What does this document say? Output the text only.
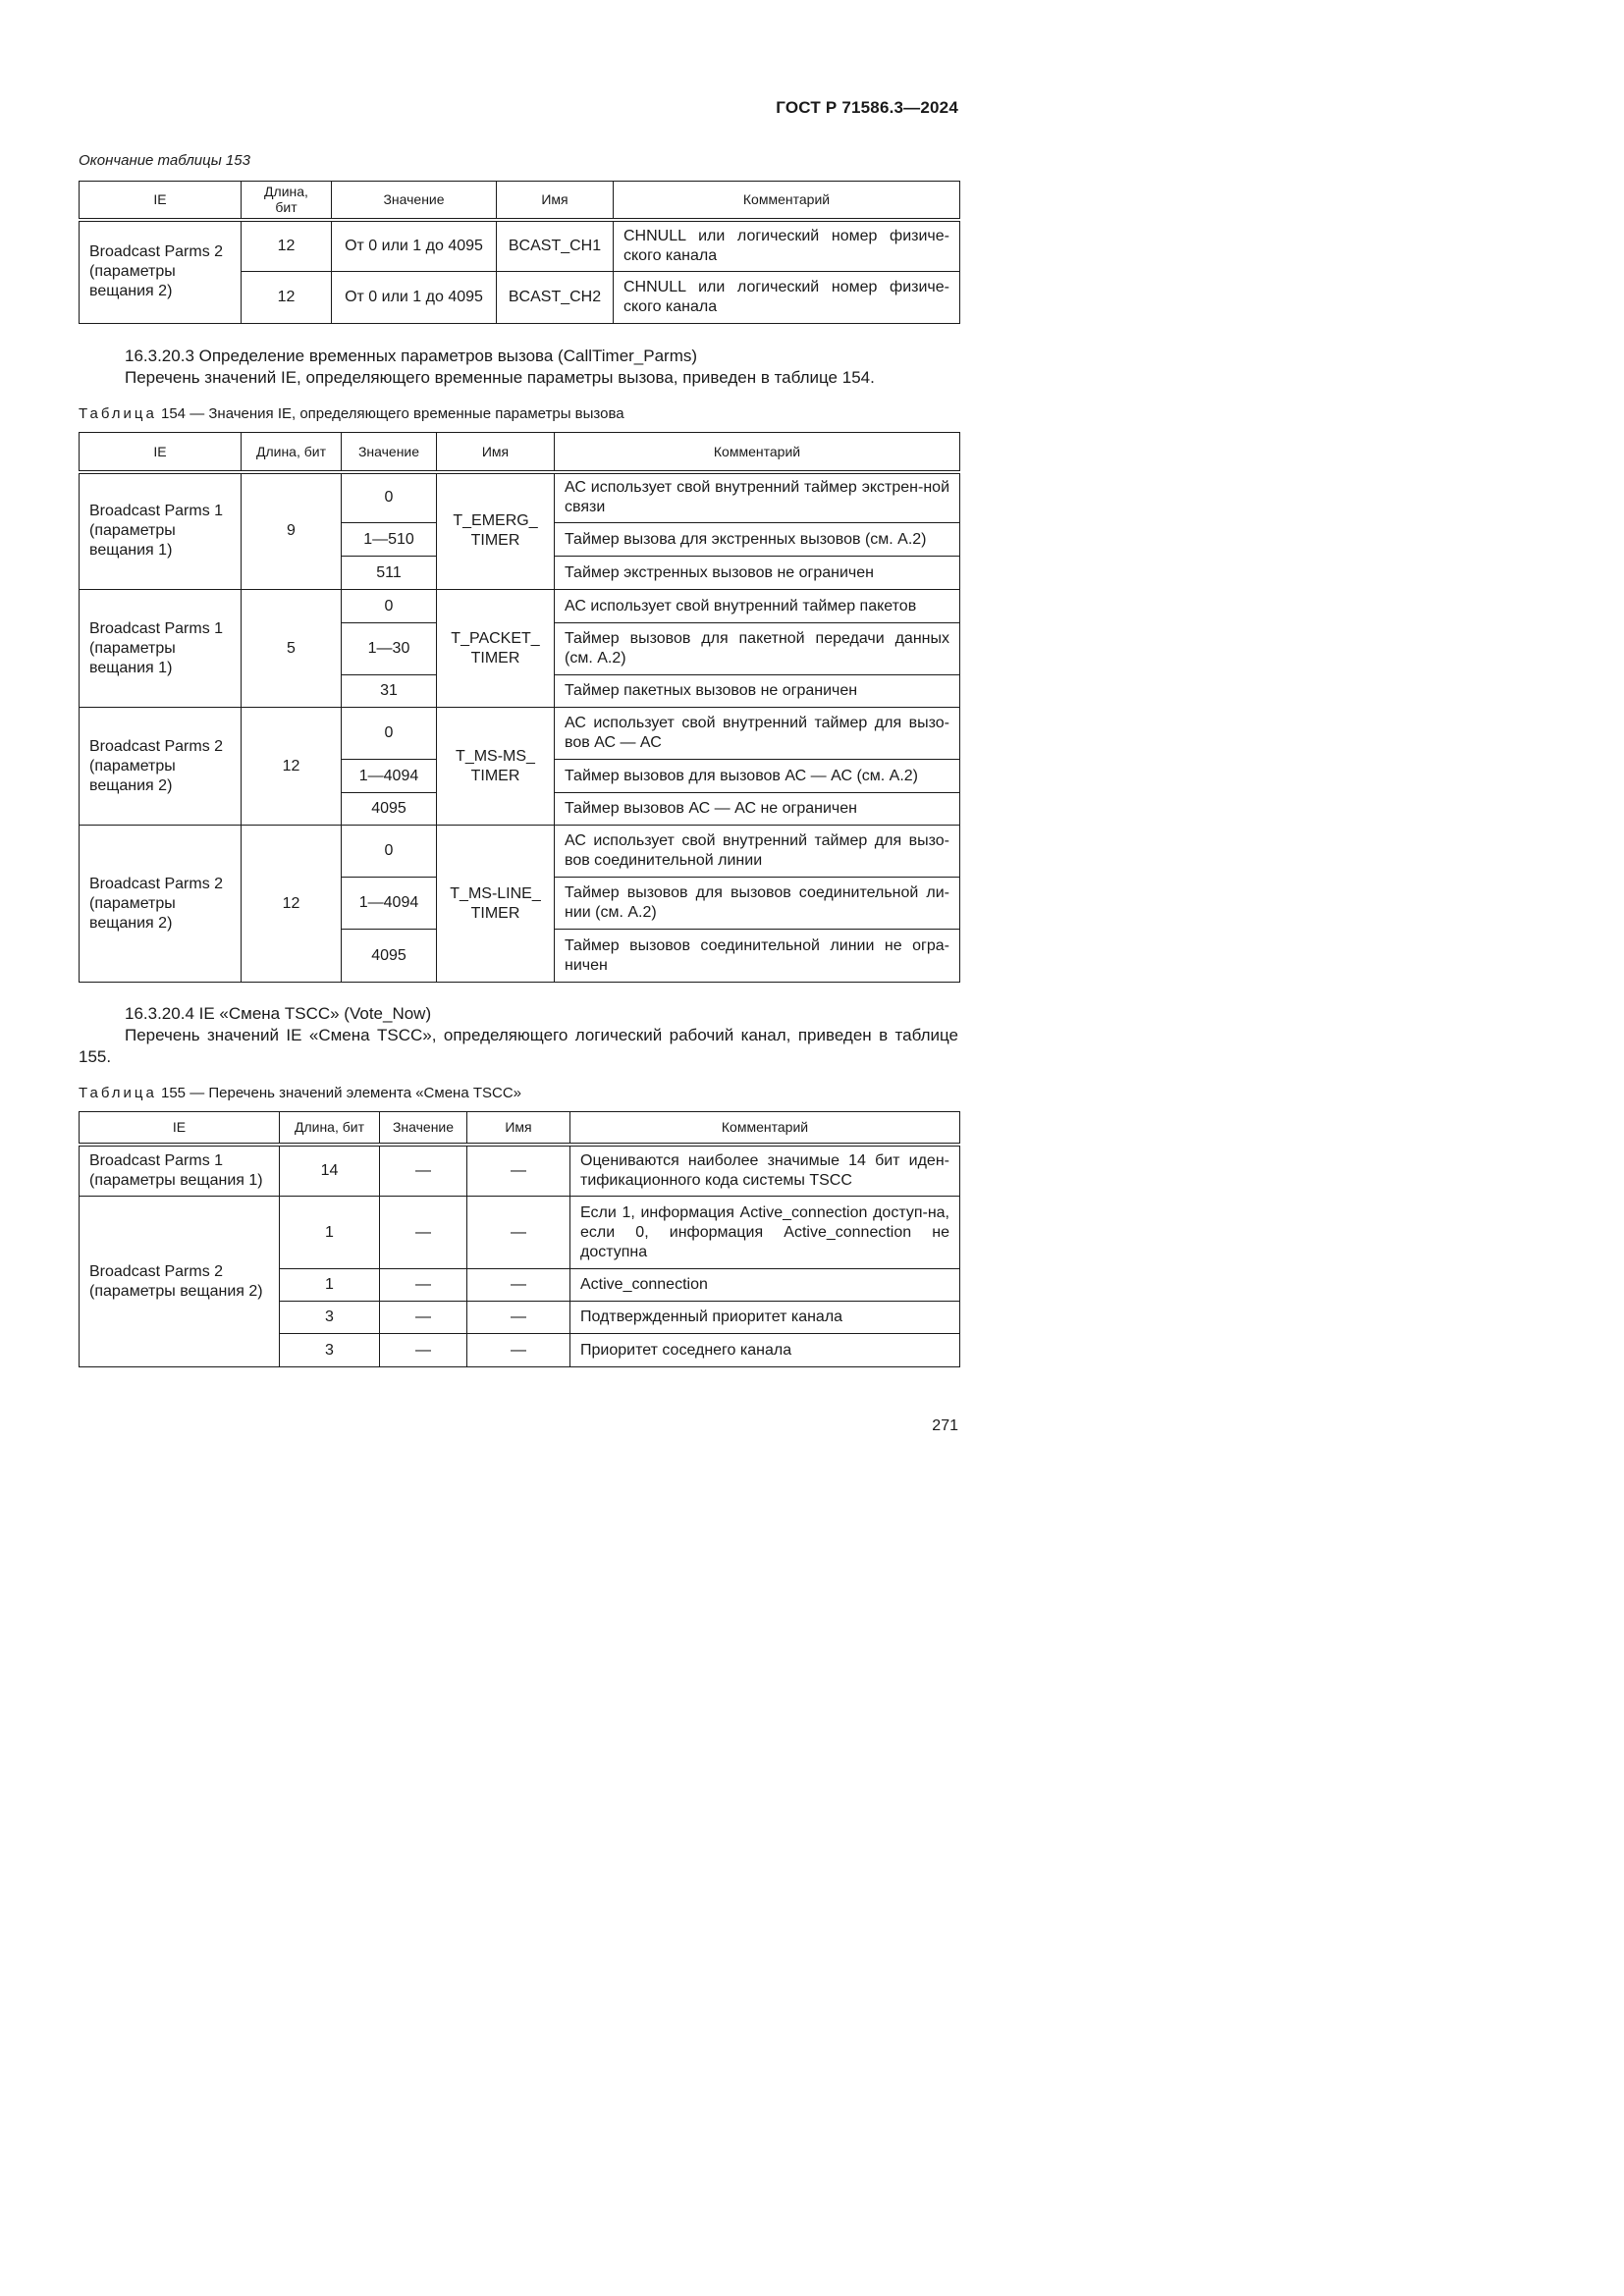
ГОСТ Р 71586.3—2024
Окончание таблицы 153
IE	Длина, бит	Значение	Имя	Комментарий
Broadcast Parms 2 (параметры вещания 2)	12	От 0 или 1 до 4095	BCAST_CH1	CHNULL или логический номер физиче-ского канала
	12	От 0 или 1 до 4095	BCAST_CH2	CHNULL или логический номер физиче-ского канала
16.3.20.3 Определение временных параметров вызова (CallTimer_Parms)
Перечень значений IE, определяющего временные параметры вызова, приведен в таблице 154.
Таблица 154 — Значения IE, определяющего временные параметры вызова
IE	Длина, бит	Значение	Имя	Комментарий
Broadcast Parms 1 (параметры вещания 1)	9	0	T_EMERG_ TIMER	АС использует свой внутренний таймер экстрен-ной связи
		1—510		Таймер вызова для экстренных вызовов (см. А.2)
		511		Таймер экстренных вызовов не ограничен
Broadcast Parms 1 (параметры вещания 1)	5	0	T_PACKET_ TIMER	АС использует свой внутренний таймер пакетов
		1—30		Таймер вызовов для пакетной передачи данных (см. А.2)
		31		Таймер пакетных вызовов не ограничен
Broadcast Parms 2 (параметры вещания 2)	12	0	T_MS-MS_ TIMER	АС использует свой внутренний таймер для вызо-вов АС — АС
		1—4094		Таймер вызовов для вызовов АС — АС (см. А.2)
		4095		Таймер вызовов АС — АС не ограничен
Broadcast Parms 2 (параметры вещания 2)	12	0	T_MS-LINE_ TIMER	АС использует свой внутренний таймер для вызо-вов соединительной линии
		1—4094		Таймер вызовов для вызовов соединительной ли-нии (см. А.2)
		4095		Таймер вызовов соединительной линии не огра-ничен
16.3.20.4 IE «Смена TSCC» (Vote_Now)
Перечень значений IE «Смена TSCC», определяющего логический рабочий канал, приведен в таблице 155.
Таблица 155 — Перечень значений элемента «Смена TSCC»
IE	Длина, бит	Значение	Имя	Комментарий
Broadcast Parms 1 (параметры вещания 1)	14	—	—	Оцениваются наиболее значимые 14 бит иден-тификационного кода системы TSCC
Broadcast Parms 2 (параметры вещания 2)	1	—	—	Если 1, информация Active_connection доступ-на, если 0, информация Active_connection не доступна
	1	—	—	Active_connection
	3	—	—	Подтвержденный приоритет канала
	3	—	—	Приоритет соседнего канала
271
